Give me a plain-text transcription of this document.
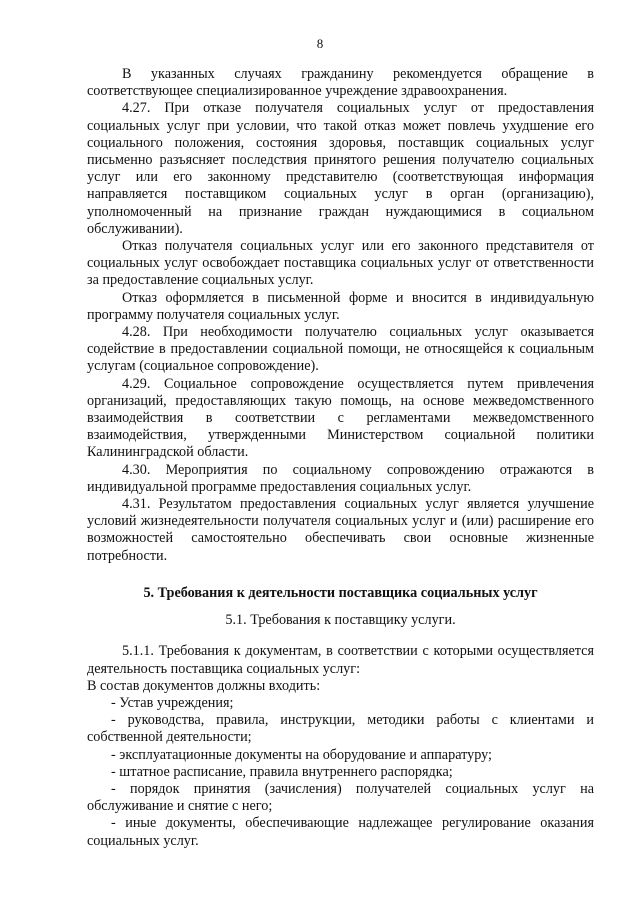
8

В указанных случаях гражданину рекомендуется обращение в соответствующее специализированное учреждение здравоохранения.

4.27. При отказе получателя социальных услуг от предоставления социальных услуг при условии, что такой отказ может повлечь ухудшение его социального положения, состояния здоровья, поставщик социальных услуг письменно разъясняет последствия принятого решения получателю социальных услуг или его законному представителю (соответствующая информация направляется поставщиком социальных услуг в орган (организацию), уполномоченный на признание граждан нуждающимися в социальном обслуживании).

Отказ получателя социальных услуг или его законного представителя от социальных услуг освобождает поставщика социальных услуг от ответственности за предоставление социальных услуг.

Отказ оформляется в письменной форме и вносится в индивидуальную программу получателя социальных услуг.

4.28. При необходимости получателю социальных услуг оказывается содействие в предоставлении социальной помощи, не относящейся к социальным услугам (социальное сопровождение).

4.29. Социальное сопровождение осуществляется путем привлечения организаций, предоставляющих такую помощь, на основе межведомственного взаимодействия в соответствии с регламентами межведомственного взаимодействия, утвержденными Министерством социальной политики Калининградской области.

4.30. Мероприятия по социальному сопровождению отражаются в индивидуальной программе предоставления социальных услуг.

4.31. Результатом предоставления социальных услуг является улучшение условий жизнедеятельности получателя социальных услуг и (или) расширение его возможностей самостоятельно обеспечивать свои основные жизненные потребности.

5. Требования к деятельности поставщика социальных услуг

5.1. Требования к поставщику услуги.

5.1.1. Требования к документам, в соответствии с которыми осуществляется деятельность поставщика социальных услуг:

В состав документов должны входить:

- Устав учреждения;

- руководства, правила, инструкции, методики работы с клиентами и собственной деятельности;

- эксплуатационные документы на оборудование и аппаратуру;

- штатное расписание, правила внутреннего распорядка;

- порядок принятия (зачисления) получателей социальных услуг на обслуживание и снятие с него;

- иные документы, обеспечивающие надлежащее регулирование оказания социальных услуг.
